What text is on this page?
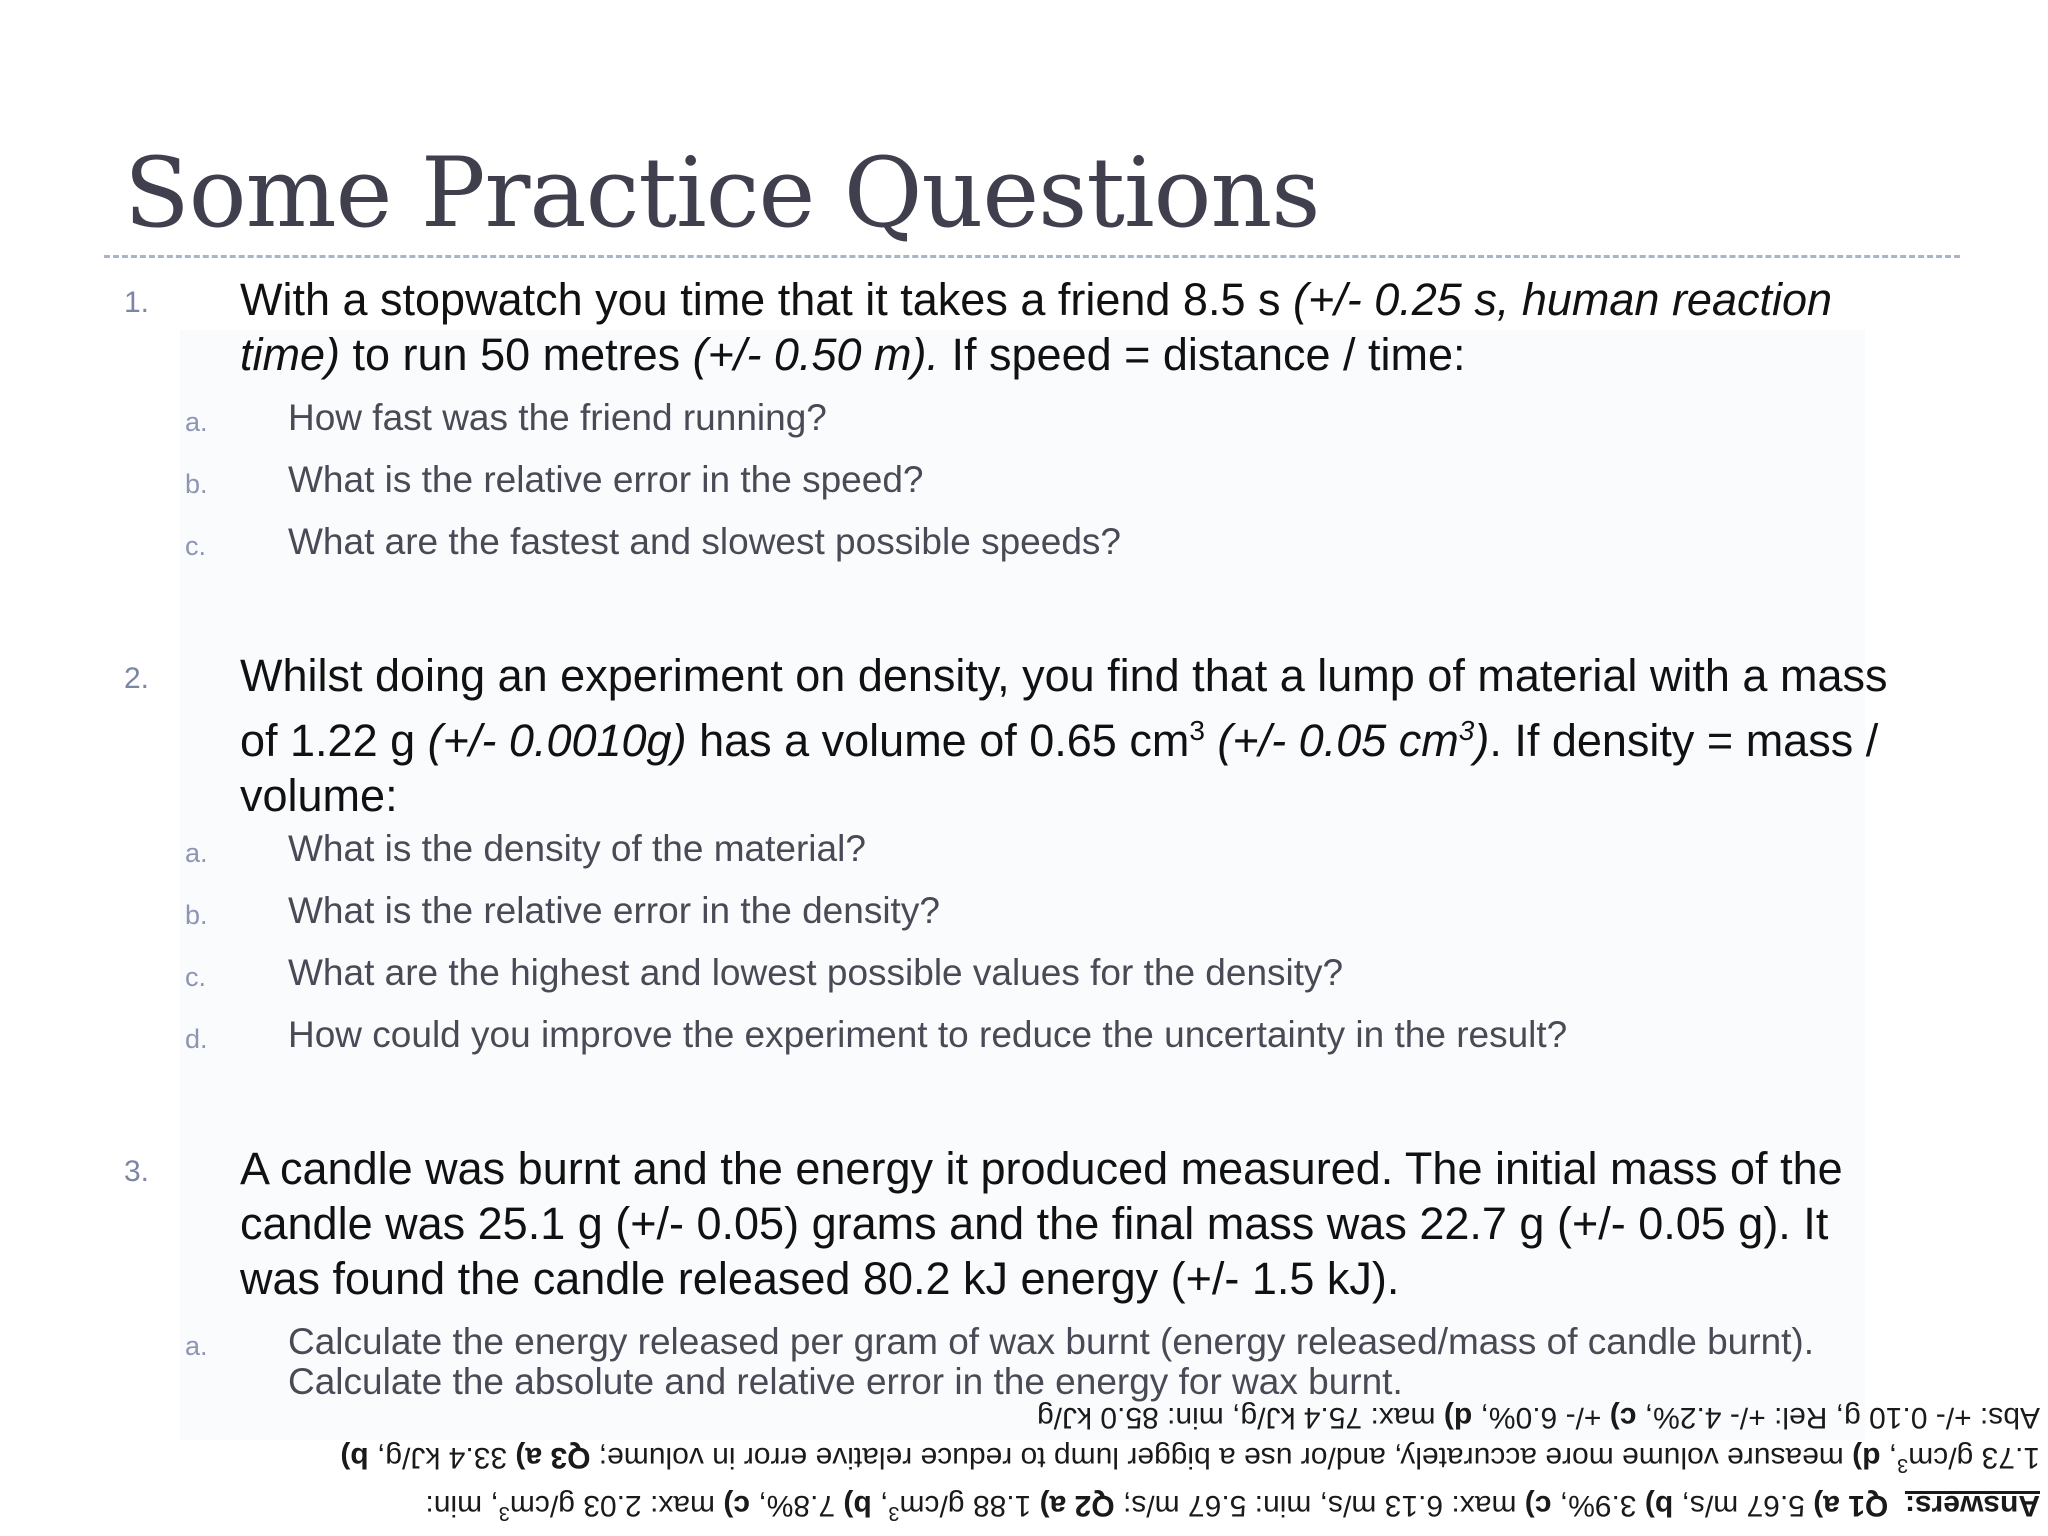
Some Practice Questions
1. With a stopwatch you time that it takes a friend 8.5 s (+/- 0.25 s, human reaction
time) to run 50 metres (+/- 0.50 m). If speed = distance / time:
a. How fast was the friend running?
b. What is the relative error in the speed?
c. What are the fastest and slowest possible speeds?
2. Whilst doing an experiment on density, you find that a lump of material with a mass
of 1.22 g (+/- 0.0010g) has a volume of 0.65 $cm^3$ (+/- 0.05 $cm^3$). If density = mass /
volume:
a. What is the density of the material?
b. What is the relative error in the density?
c. What are the highest and lowest possible values for the density?
d. How could you improve the experiment to reduce the uncertainty in the result?
3. A candle was burnt and the energy it produced measured. The initial mass of the
candle was 25.1 g (+/- 0.05) grams and the final mass was 22.7 g (+/- 0.05 g). It
was found the candle released 80.2 kJ energy (+/- 1.5 kJ).
a. Calculate the energy released per gram of wax burnt (energy released/mass of candle burnt).
Calculate the absolute and relative error in the energy for wax burnt.
Answers:  Q1 a) 5.67 m/s, b) 3.9%, c) max: 6.13 m/s, min: 5.67 m/s; Q2 a) 1.88 $g/cm^3$, b) 7.8%, c) max: 2.03 $g/cm^3$, min:
1.73 $g/cm^3$, d) measure volume more accurately, and/or use a bigger lump to reduce relative error in volume; Q3 a) 33.4 kJ/g, b)
Abs: +/- 0.10 g, Rel: +/- 4.2%, c) +/- 6.0%, d) max: 75.4 kJ/g, min: 85.0 kJ/g
